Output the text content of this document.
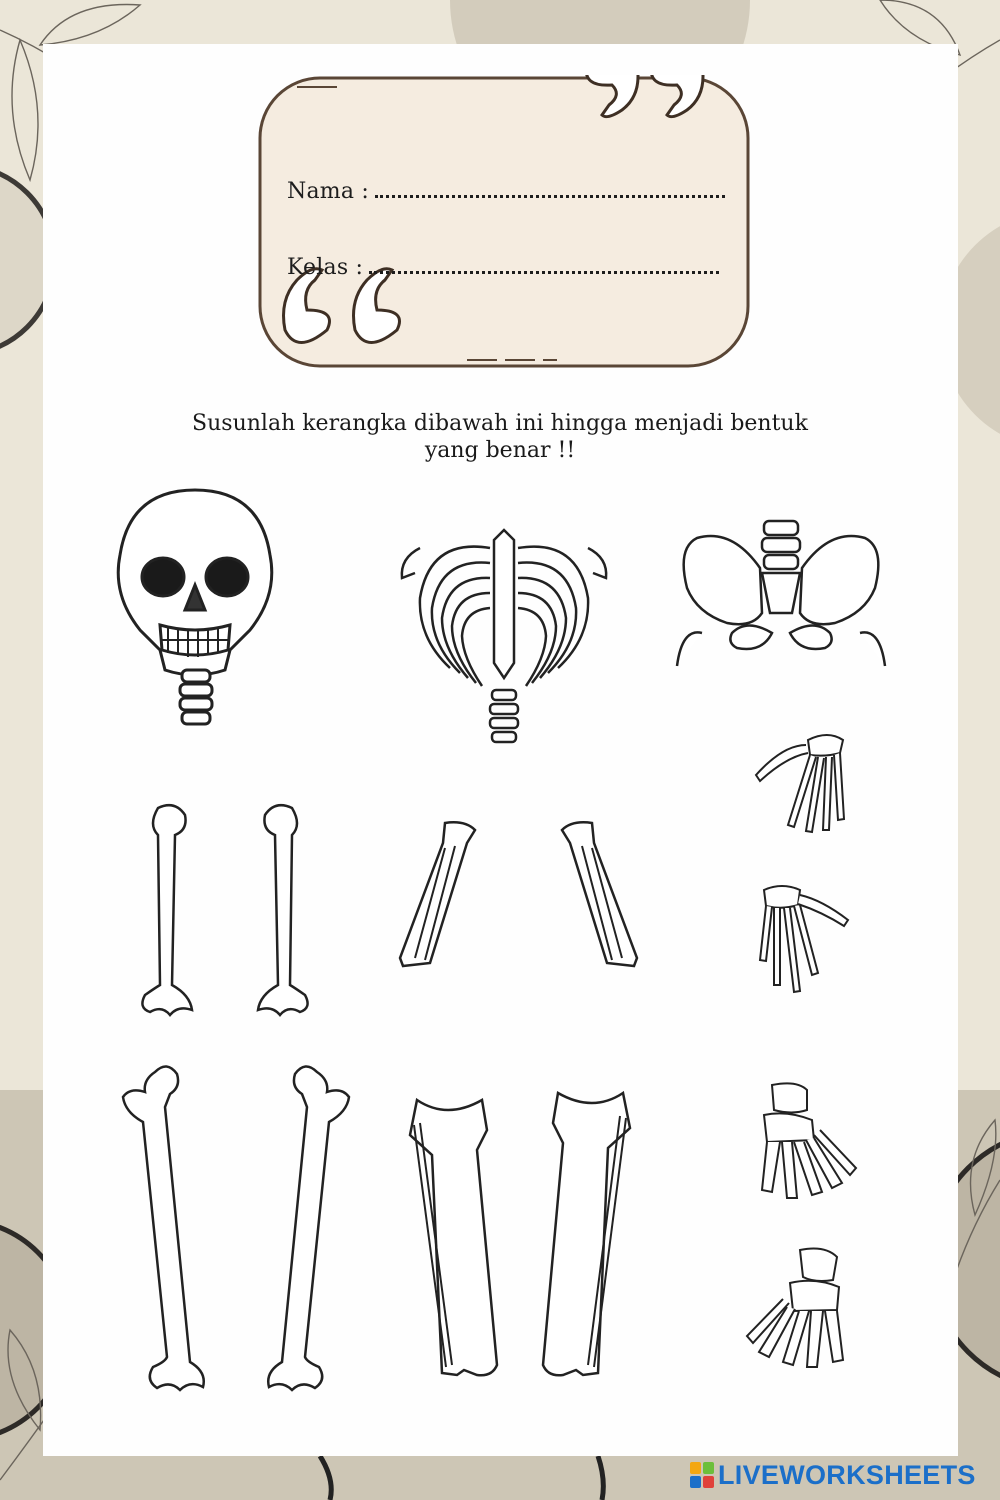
Nama :
Kelas :
Susunlah kerangka dibawah ini hingga menjadi bentuk
yang benar !!
LIVEWORKSHEETS
